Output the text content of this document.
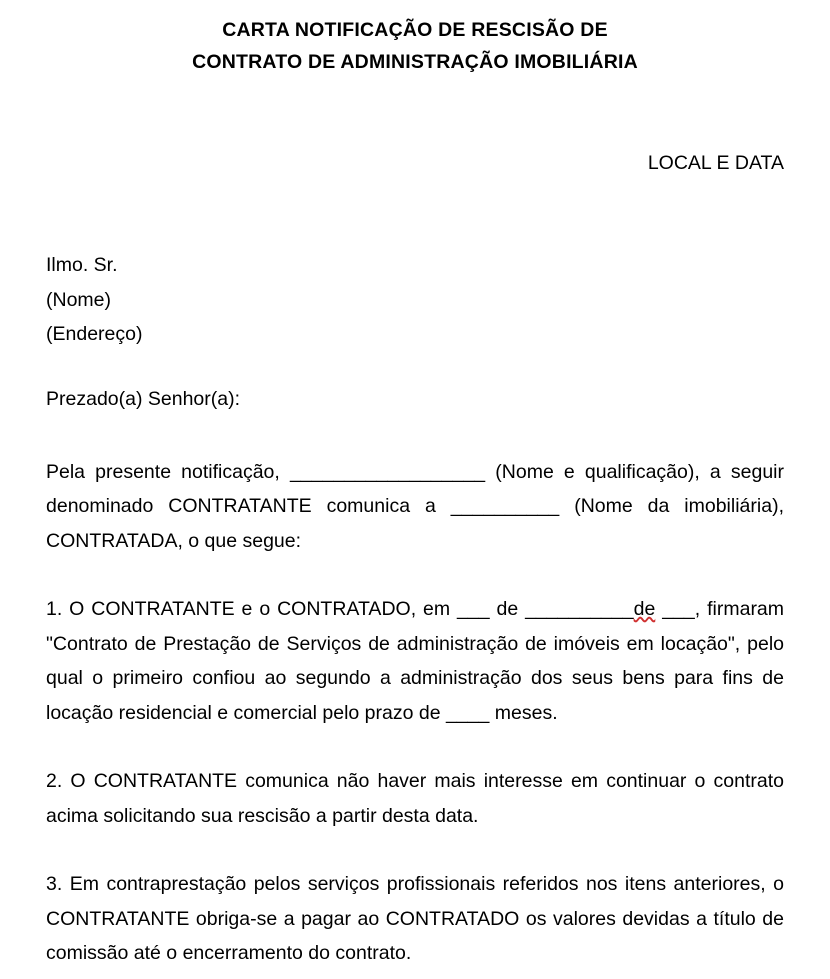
CARTA NOTIFICAÇÃO DE RESCISÃO DE
CONTRATO DE ADMINISTRAÇÃO IMOBILIÁRIA
LOCAL E DATA
Ilmo. Sr.
(Nome)
(Endereço)
Prezado(a) Senhor(a):

Pela presente notificação, __________________ (Nome e qualificação), a seguir denominado CONTRATANTE comunica a __________ (Nome da imobiliária), CONTRATADA, o que segue:

1. O CONTRATANTE e o CONTRATADO, em ___ de __________de ___, firmaram "Contrato de Prestação de Serviços de administração de imóveis em locação", pelo qual o primeiro confiou ao segundo a administração dos seus bens para fins de locação residencial e comercial pelo prazo de ____ meses.

2. O CONTRATANTE comunica não haver mais interesse em continuar o contrato acima solicitando sua rescisão a partir desta data.

3. Em contraprestação pelos serviços profissionais referidos nos itens anteriores, o CONTRATANTE obriga-se a pagar ao CONTRATADO os valores devidas a título de comissão até o encerramento do contrato.
